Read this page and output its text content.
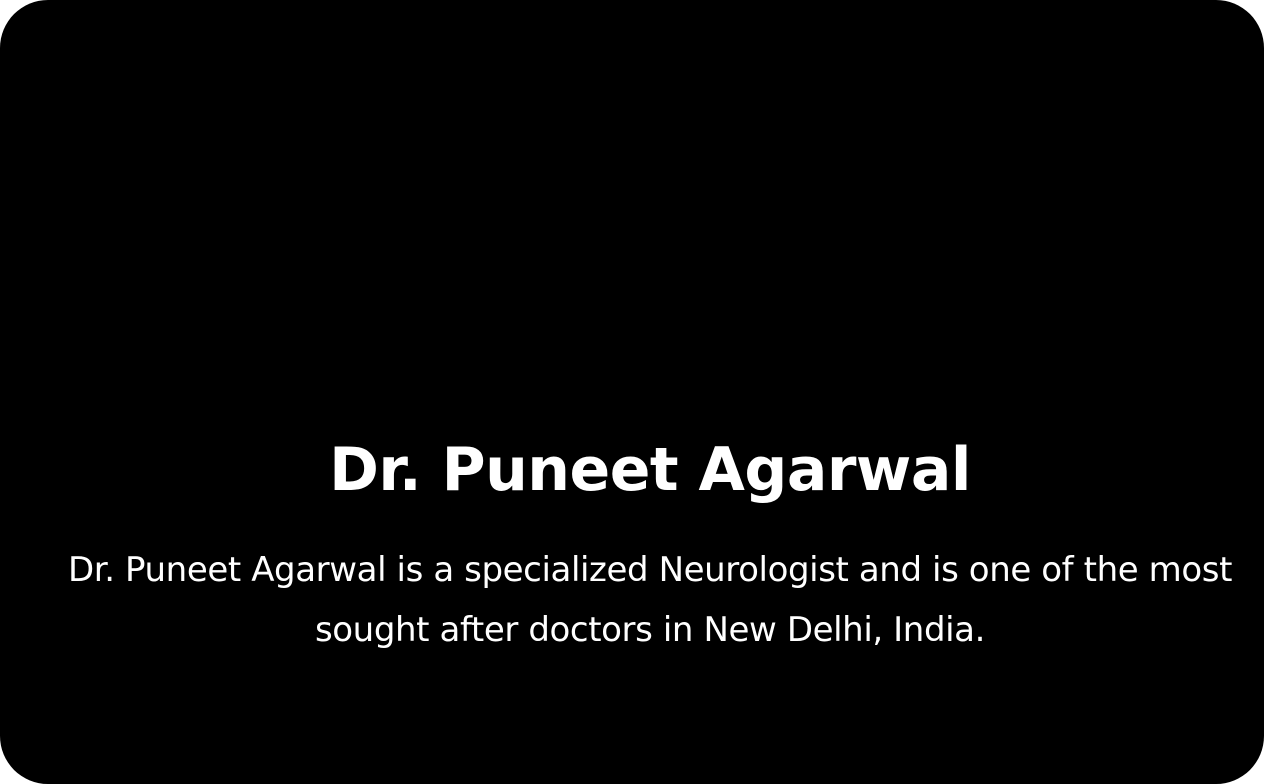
Dr. Puneet Agarwal

Dr. Puneet Agarwal is a specialized Neurologist and is one of the most sought after doctors in New Delhi, India.
